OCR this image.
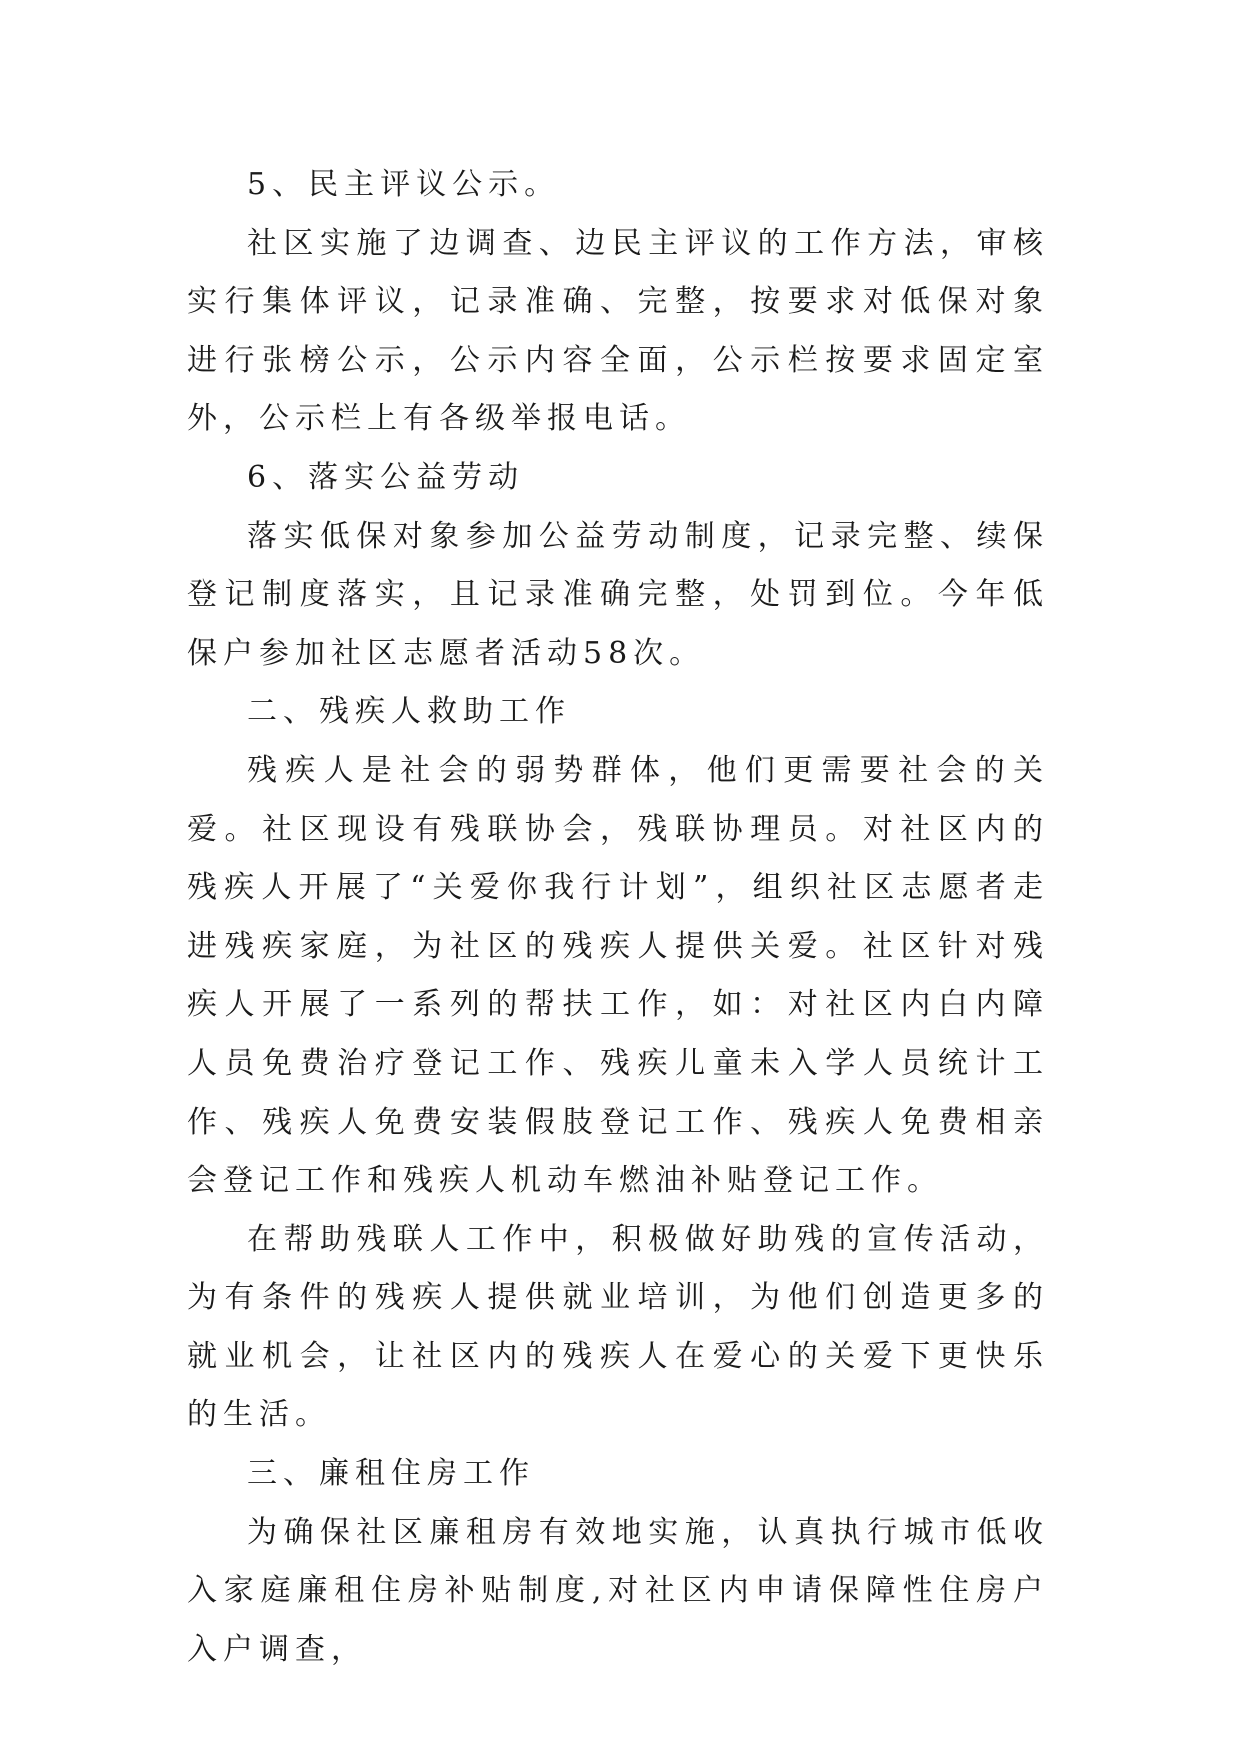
5、民主评议公示。

社区实施了边调查、边民主评议的工作方法，审核实行集体评议，记录准确、完整，按要求对低保对象进行张榜公示，公示内容全面，公示栏按要求固定室外，公示栏上有各级举报电话。

6、落实公益劳动

落实低保对象参加公益劳动制度，记录完整、续保登记制度落实，且记录准确完整，处罚到位。今年低保户参加社区志愿者活动58次。

二、残疾人救助工作

残疾人是社会的弱势群体，他们更需要社会的关爱。社区现设有残联协会，残联协理员。对社区内的残疾人开展了“关爱你我行计划”，组织社区志愿者走进残疾家庭，为社区的残疾人提供关爱。社区针对残疾人开展了一系列的帮扶工作，如：对社区内白内障人员免费治疗登记工作、残疾儿童未入学人员统计工作、残疾人免费安装假肢登记工作、残疾人免费相亲会登记工作和残疾人机动车燃油补贴登记工作。

在帮助残联人工作中，积极做好助残的宣传活动，为有条件的残疾人提供就业培训，为他们创造更多的就业机会，让社区内的残疾人在爱心的关爱下更快乐的生活。

三、廉租住房工作

为确保社区廉租房有效地实施，认真执行城市低收入家庭廉租住房补贴制度,对社区内申请保障性住房户入户调查，
